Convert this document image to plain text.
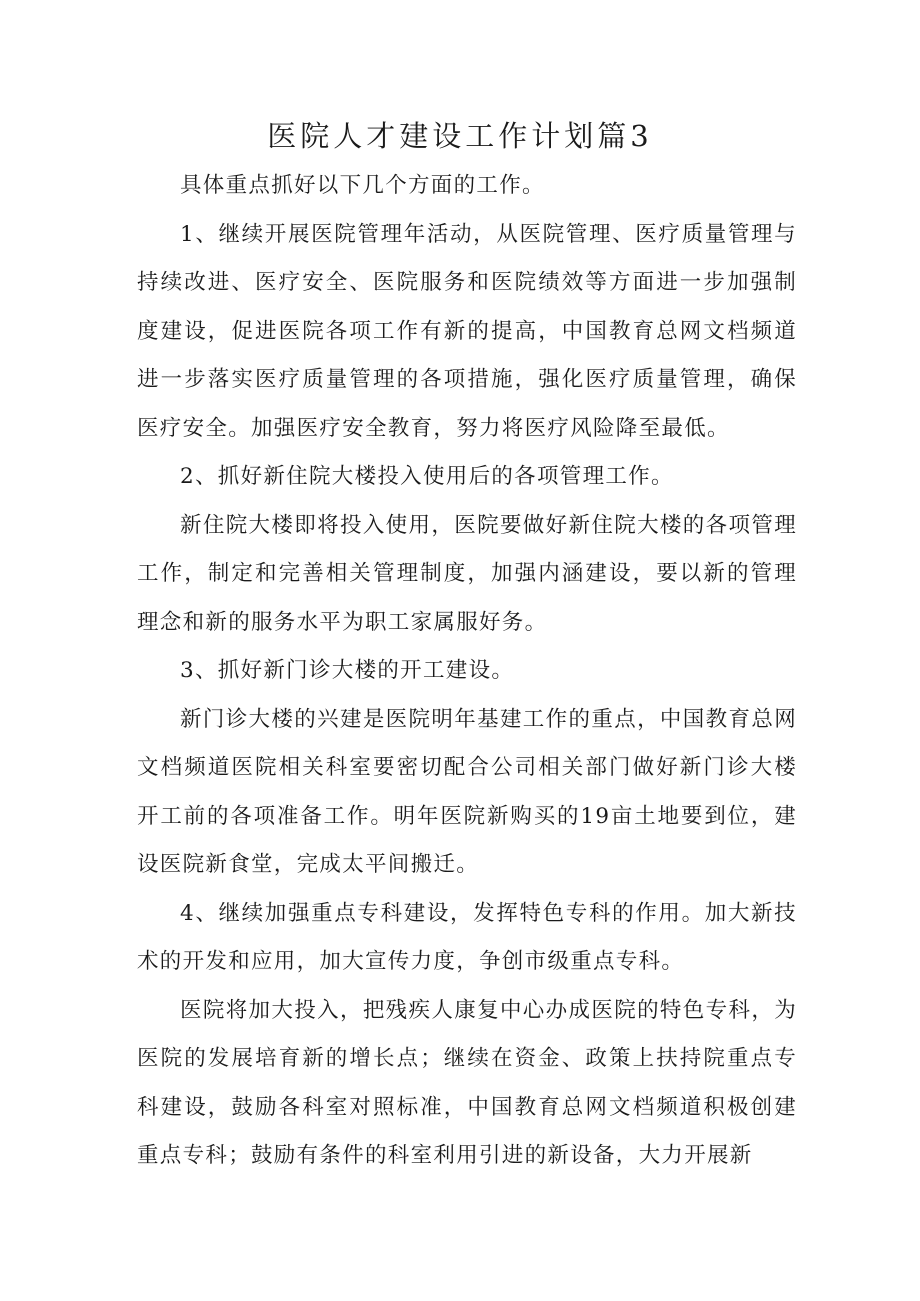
医院人才建设工作计划篇3

具体重点抓好以下几个方面的工作。

1、继续开展医院管理年活动，从医院管理、医疗质量管理与持续改进、医疗安全、医院服务和医院绩效等方面进一步加强制度建设，促进医院各项工作有新的提高，中国教育总网文档频道进一步落实医疗质量管理的各项措施，强化医疗质量管理，确保医疗安全。加强医疗安全教育，努力将医疗风险降至最低。

2、抓好新住院大楼投入使用后的各项管理工作。

新住院大楼即将投入使用，医院要做好新住院大楼的各项管理工作，制定和完善相关管理制度，加强内涵建设，要以新的管理理念和新的服务水平为职工家属服好务。

3、抓好新门诊大楼的开工建设。

新门诊大楼的兴建是医院明年基建工作的重点，中国教育总网文档频道医院相关科室要密切配合公司相关部门做好新门诊大楼开工前的各项准备工作。明年医院新购买的19亩土地要到位，建设医院新食堂，完成太平间搬迁。

4、继续加强重点专科建设，发挥特色专科的作用。加大新技术的开发和应用，加大宣传力度，争创市级重点专科。

医院将加大投入，把残疾人康复中心办成医院的特色专科，为医院的发展培育新的增长点；继续在资金、政策上扶持院重点专科建设，鼓励各科室对照标准，中国教育总网文档频道积极创建重点专科；鼓励有条件的科室利用引进的新设备，大力开展新
